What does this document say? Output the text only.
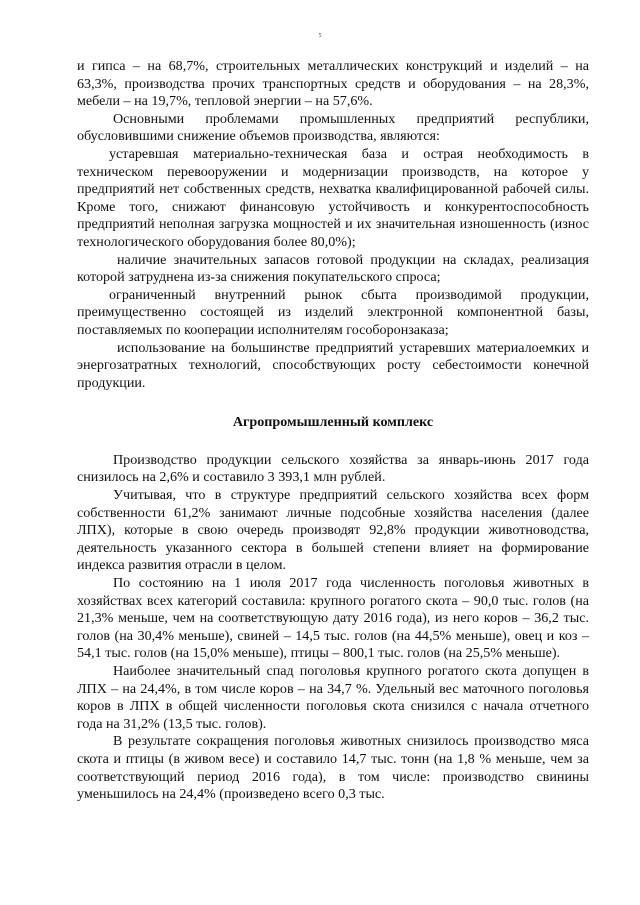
5

и гипса – на 68,7%, строительных металлических конструкций и изделий – на 63,3%, производства прочих транспортных средств и оборудования – на 28,3%, мебели – на 19,7%, тепловой энергии – на 57,6%.

Основными проблемами промышленных предприятий республики, обусловившими снижение объемов производства, являются:

устаревшая материально-техническая база и острая необходимость в техническом перевооружении и модернизации производств, на которое у предприятий нет собственных средств, нехватка квалифицированной рабочей силы. Кроме того, снижают финансовую устойчивость и конкурентоспособность предприятий неполная загрузка мощностей и их значительная изношенность (износ технологического оборудования более 80,0%);

наличие значительных запасов готовой продукции на складах, реализация которой затруднена из-за снижения покупательского спроса;

ограниченный внутренний рынок сбыта производимой продукции, преимущественно состоящей из изделий электронной компонентной базы, поставляемых по кооперации исполнителям гособоронзаказа;

использование на большинстве предприятий устаревших материалоемких и энергозатратных технологий, способствующих росту себестоимости конечной продукции.

Агропромышленный комплекс

Производство продукции сельского хозяйства за январь-июнь 2017 года снизилось на 2,6% и составило 3 393,1 млн рублей.

Учитывая, что в структуре предприятий сельского хозяйства всех форм собственности 61,2% занимают личные подсобные хозяйства населения (далее ЛПХ), которые в свою очередь производят 92,8% продукции животноводства, деятельность указанного сектора в большей степени влияет на формирование индекса развития отрасли в целом.

По состоянию на 1 июля 2017 года численность поголовья животных в хозяйствах всех категорий составила: крупного рогатого скота – 90,0 тыс. голов (на 21,3% меньше, чем на соответствующую дату 2016 года), из него коров – 36,2 тыс. голов (на 30,4% меньше), свиней – 14,5 тыс. голов (на 44,5% меньше), овец и коз – 54,1 тыс. голов (на 15,0% меньше), птицы – 800,1 тыс. голов (на 25,5% меньше).

Наиболее значительный спад поголовья крупного рогатого скота допущен в ЛПХ – на 24,4%, в том числе коров – на 34,7 %. Удельный вес маточного поголовья коров в ЛПХ в общей численности поголовья скота снизился с начала отчетного года на 31,2% (13,5 тыс. голов).

В результате сокращения поголовья животных снизилось производство мяса скота и птицы (в живом весе) и составило 14,7 тыс. тонн (на 1,8 % меньше, чем за соответствующий период 2016 года), в том числе: производство свинины уменьшилось на 24,4% (произведено всего 0,3 тыс.
